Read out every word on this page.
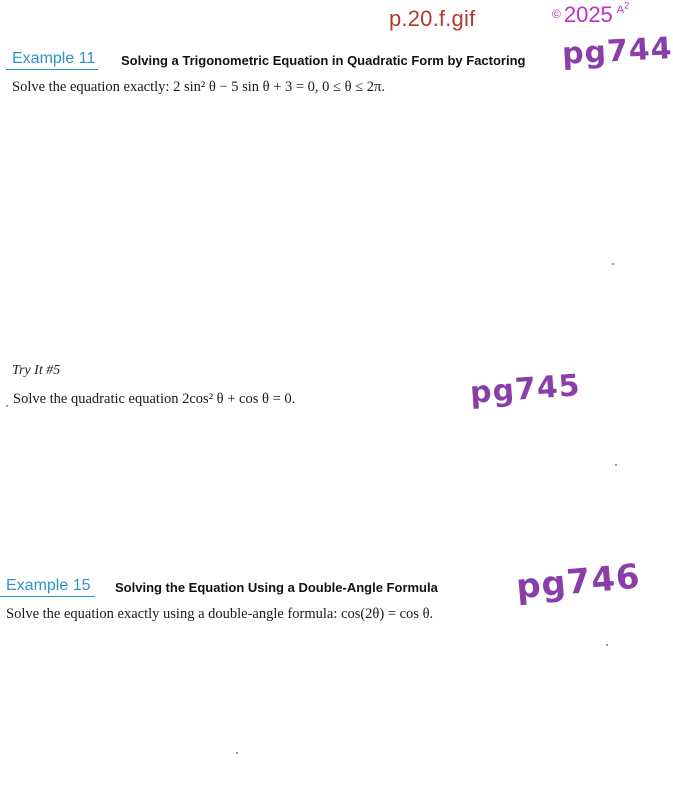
p.20.f.gif	© 2025 $^{A^2}$
Example 11 Solving a Trigonometric Equation in Quadratic Form by Factoring
Solve the equation exactly: 2 sin² θ − 5 sin θ + 3 = 0, 0 ≤ θ ≤ 2π.
pg744
Try It #5
Solve the quadratic equation 2cos² θ + cos θ = 0.	pg745
Example 15	Solving the Equation Using a Double-Angle Formula
Solve the equation exactly using a double-angle formula: cos(2θ) = cos θ.
pg746
